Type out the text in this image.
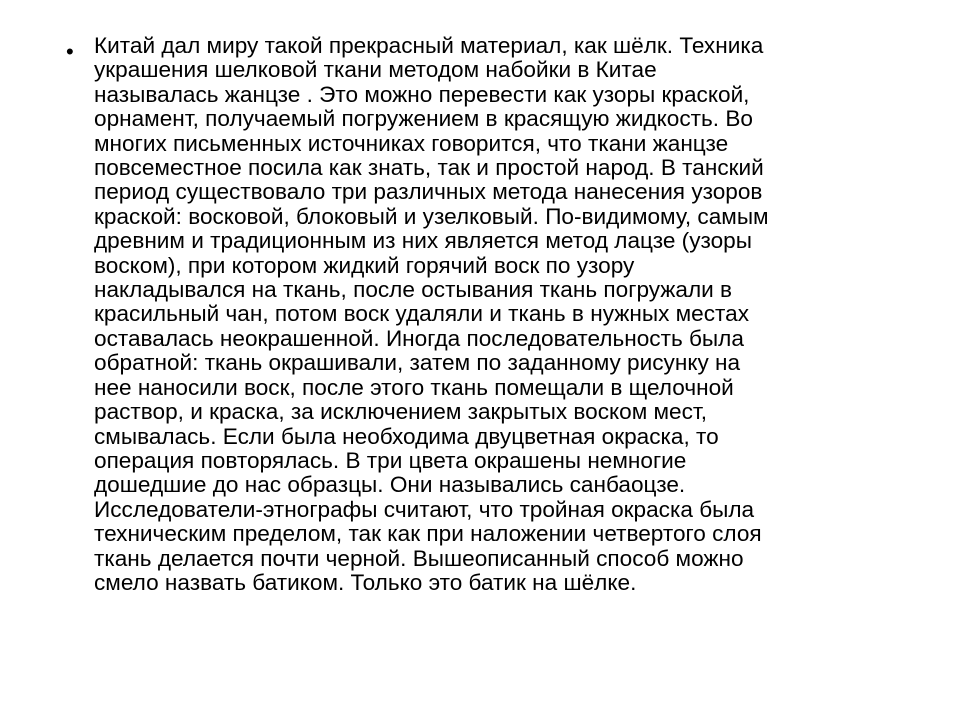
• Китай дал миру такой прекрасный материал, как шёлк. Техника
украшения шелковой ткани методом набойки в Китае
называлась жанцзе . Это можно перевести как узоры краской,
орнамент, получаемый погружением в красящую жидкость. Во
многих письменных источниках говорится, что ткани жанцзе
повсеместное посила как знать, так и простой народ. В танский
период существовало три различных метода нанесения узоров
краской: восковой, блоковый и узелковый. По-видимому, самым
древним и традиционным из них является метод лацзе (узоры
воском), при котором жидкий горячий воск по узору
накладывался на ткань, после остывания ткань погружали в
красильный чан, потом воск удаляли и ткань в нужных местах
оставалась неокрашенной. Иногда последовательность была
обратной: ткань окрашивали, затем по заданному рисунку на
нее наносили воск, после этого ткань помещали в щелочной
раствор, и краска, за исключением закрытых воском мест,
смывалась. Если была необходима двуцветная окраска, то
операция повторялась. В три цвета окрашены немногие
дошедшие до нас образцы. Они назывались санбаоцзе.
Исследователи-этнографы считают, что тройная окраска была
техническим пределом, так как при наложении четвертого слоя
ткань делается почти черной. Вышеописанный способ можно
смело назвать батиком. Только это батик на шёлке.
